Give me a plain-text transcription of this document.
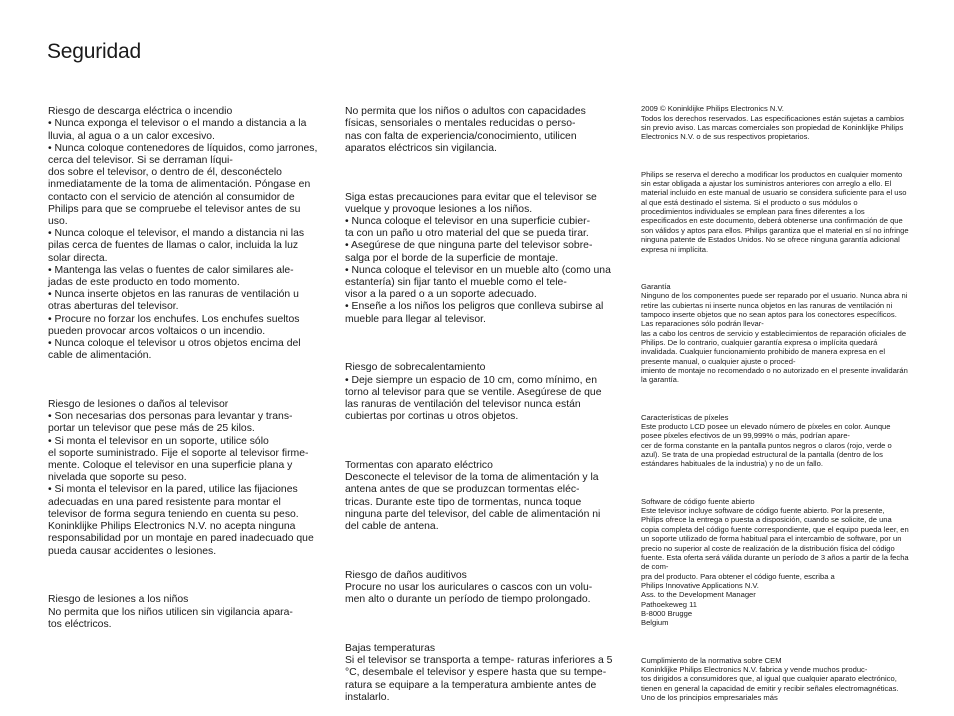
Seguridad

Riesgo de descarga eléctrica o incendio
• Nunca exponga el televisor o el mando a distancia a la lluvia, al agua o a un calor excesivo.
• Nunca coloque contenedores de líquidos, como jarrones, cerca del televisor. Si se derraman líqui-
dos sobre el televisor, o dentro de él, desconéctelo inmediatamente de la toma de alimentación. Póngase en contacto con el servicio de atención al consumidor de Philips para que se compruebe el televisor antes de su uso.
• Nunca coloque el televisor, el mando a distancia ni las pilas cerca de fuentes de llamas o calor, incluida la luz solar directa.
• Mantenga las velas o fuentes de calor similares ale-
jadas de este producto en todo momento.
• Nunca inserte objetos en las ranuras de ventilación u otras aberturas del televisor.
• Procure no forzar los enchufes. Los enchufes sueltos pueden provocar arcos voltaicos o un incendio.
• Nunca coloque el televisor u otros objetos encima del cable de alimentación.

Riesgo de lesiones o daños al televisor
• Son necesarias dos personas para levantar y trans-
portar un televisor que pese más de 25 kilos.
• Si monta el televisor en un soporte, utilice sólo
el soporte suministrado. Fije el soporte al televisor firme-
mente. Coloque el televisor en una superficie plana y nivelada que soporte su peso.
• Si monta el televisor en la pared, utilice las fijaciones adecuadas en una pared resistente para montar el televisor de forma segura teniendo en cuenta su peso. Koninklijke Philips Electronics N.V. no acepta ninguna responsabilidad por un montaje en pared inadecuado que pueda causar accidentes o lesiones.

Riesgo de lesiones a los niños
No permita que los niños utilicen sin vigilancia apara-
tos eléctricos.

No permita que los niños o adultos con capacidades físicas, sensoriales o mentales reducidas o perso-
nas con falta de experiencia/conocimiento, utilicen aparatos eléctricos sin vigilancia.

Siga estas precauciones para evitar que el televisor se vuelque y provoque lesiones a los niños.
• Nunca coloque el televisor en una superficie cubier-
ta con un paño u otro material del que se pueda tirar.
• Asegúrese de que ninguna parte del televisor sobre-
salga por el borde de la superficie de montaje.
• Nunca coloque el televisor en un mueble alto (como una estantería) sin fijar tanto el mueble como el tele-
visor a la pared o a un soporte adecuado.
• Enseñe a los niños los peligros que conlleva subirse al mueble para llegar al televisor.

Riesgo de sobrecalentamiento
• Deje siempre un espacio de 10 cm, como mínimo, en torno al televisor para que se ventile. Asegúrese de que las ranuras de ventilación del televisor nunca están cubiertas por cortinas u otros objetos.

Tormentas con aparato eléctrico
Desconecte el televisor de la toma de alimentación y la antena antes de que se produzcan tormentas eléc-
tricas. Durante este tipo de tormentas, nunca toque ninguna parte del televisor, del cable de alimentación ni del cable de antena.

Riesgo de daños auditivos
Procure no usar los auriculares o cascos con un volu-
men alto o durante un período de tiempo prolongado.

Bajas temperaturas
Si el televisor se transporta a tempe- raturas inferiores a 5 °C, desembale el televisor y espere hasta que su tempe- ratura se equipare a la temperatura ambiente antes de instalarlo.

2009 © Koninklijke Philips Electronics N.V.
Todos los derechos reservados. Las especificaciones están sujetas a cambios sin previo aviso. Las marcas comerciales son propiedad de Koninklijke Philips Electronics N.V. o de sus respectivos propietarios.

Philips se reserva el derecho a modificar los productos en cualquier momento sin estar obligada a ajustar los suministros anteriores con arreglo a ello. El material incluido en este manual de usuario se considera suficiente para el uso al que está destinado el sistema. Si el producto o sus módulos o procedimientos individuales se emplean para fines diferentes a los especificados en este documento, deberá obtenerse una confirmación de que son válidos y aptos para ellos. Philips garantiza que el material en sí no infringe ninguna patente de Estados Unidos. No se ofrece ninguna garantía adicional expresa ni implícita.

Garantía
Ninguno de los componentes puede ser reparado por el usuario. Nunca abra ni retire las cubiertas ni inserte nunca objetos en las ranuras de ventilación ni tampoco inserte objetos que no sean aptos para los conectores específicos. Las reparaciones sólo podrán llevar-
las a cabo los centros de servicio y establecimientos de reparación oficiales de Philips. De lo contrario, cualquier garantía expresa o implícita quedará invalidada. Cualquier funcionamiento prohibido de manera expresa en el presente manual, o cualquier ajuste o proced-
imiento de montaje no recomendado o no autorizado en el presente invalidarán la garantía.

Características de píxeles
Este producto LCD posee un elevado número de píxeles en color. Aunque posee píxeles efectivos de un 99,999% o más, podrían apare-
cer de forma constante en la pantalla puntos negros o claros (rojo, verde o azul). Se trata de una propiedad estructural de la pantalla (dentro de los estándares habituales de la industria) y no de un fallo.

Software de código fuente abierto
Este televisor incluye software de código fuente abierto. Por la presente, Philips ofrece la entrega o puesta a disposición, cuando se solicite, de una copia completa del código fuente correspondiente, que el equipo pueda leer, en un soporte utilizado de forma habitual para el intercambio de software, por un precio no superior al coste de realización de la distribución física del código fuente. Esta oferta será válida durante un período de 3 años a partir de la fecha de com-
pra del producto. Para obtener el código fuente, escriba a
Philips Innovative Applications N.V.
Ass. to the Development Manager
Pathoekeweg 11
B-8000 Brugge
Belgium

Cumplimiento de la normativa sobre CEM
Koninklijke Philips Electronics N.V. fabrica y vende muchos produc-
tos dirigidos a consumidores que, al igual que cualquier aparato electrónico, tienen en general la capacidad de emitir y recibir señales electromagnéticas. Uno de los principios empresariales más
